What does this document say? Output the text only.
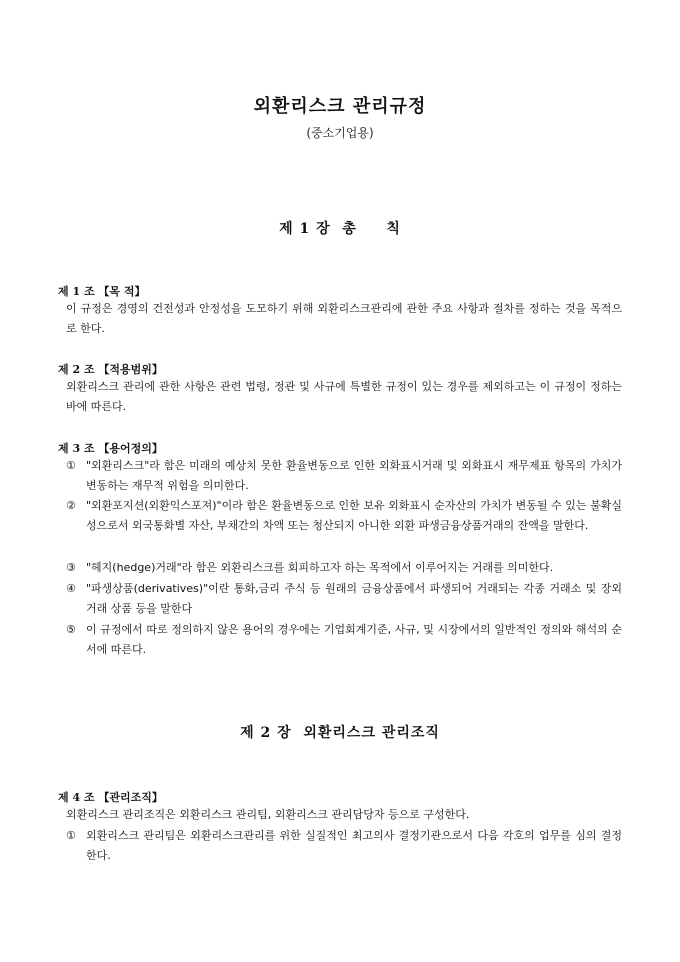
외환리스크 관리규정
(중소기업용)
제 1 장  총     칙
제 1 조 【목 적】
이 규정은 경영의 건전성과 안정성을 도모하기 위해 외환리스크관리에 관한 주요 사항과 절차를 정하는 것을 목적으로 한다.
제 2 조 【적용범위】
외환리스크 관리에 관한 사항은 관련 법령, 정관 및 사규에 특별한 규정이 있는 경우를 제외하고는 이 규정이 정하는 바에 따른다.
제 3 조 【용어정의】
① "외환리스크"라 함은 미래의 예상치 못한 환율변동으로 인한 외화표시거래 및 외화표시 재무제표 항목의 가치가 변동하는 재무적 위험을 의미한다.
② "외환포지션(외환익스포져)"이라 함은 환율변동으로 인한 보유 외화표시 순자산의 가치가 변동될 수 있는 불확실성으로서 외국통화별 자산, 부채간의 차액 또는 청산되지 아니한 외환 파생금융상품거래의 잔액을 말한다.
③ "헤지(hedge)거래"라 함은 외환리스크를 회피하고자 하는 목적에서 이루어지는 거래를 의미한다.
④ "파생상품(derivatives)"이란 통화,금리 주식 등 원래의 금융상품에서 파생되어 거래되는 각종 거래소 및 장외거래 상품 등을 말한다
⑤ 이 규정에서 따로 정의하지 않은 용어의 경우에는 기업회계기준, 사규, 및 시장에서의 일반적인 정의와 해석의 순서에 따른다.
제 2 장  외환리스크 관리조직
제 4 조 【관리조직】
외환리스크 관리조직은 외환리스크 관리팀, 외환리스크 관리담당자 등으로 구성한다.
① 외환리스크 관리팀은 외환리스크관리를 위한 실질적인 최고의사 결정기관으로서 다음 각호의 업무를 심의 결정한다.
